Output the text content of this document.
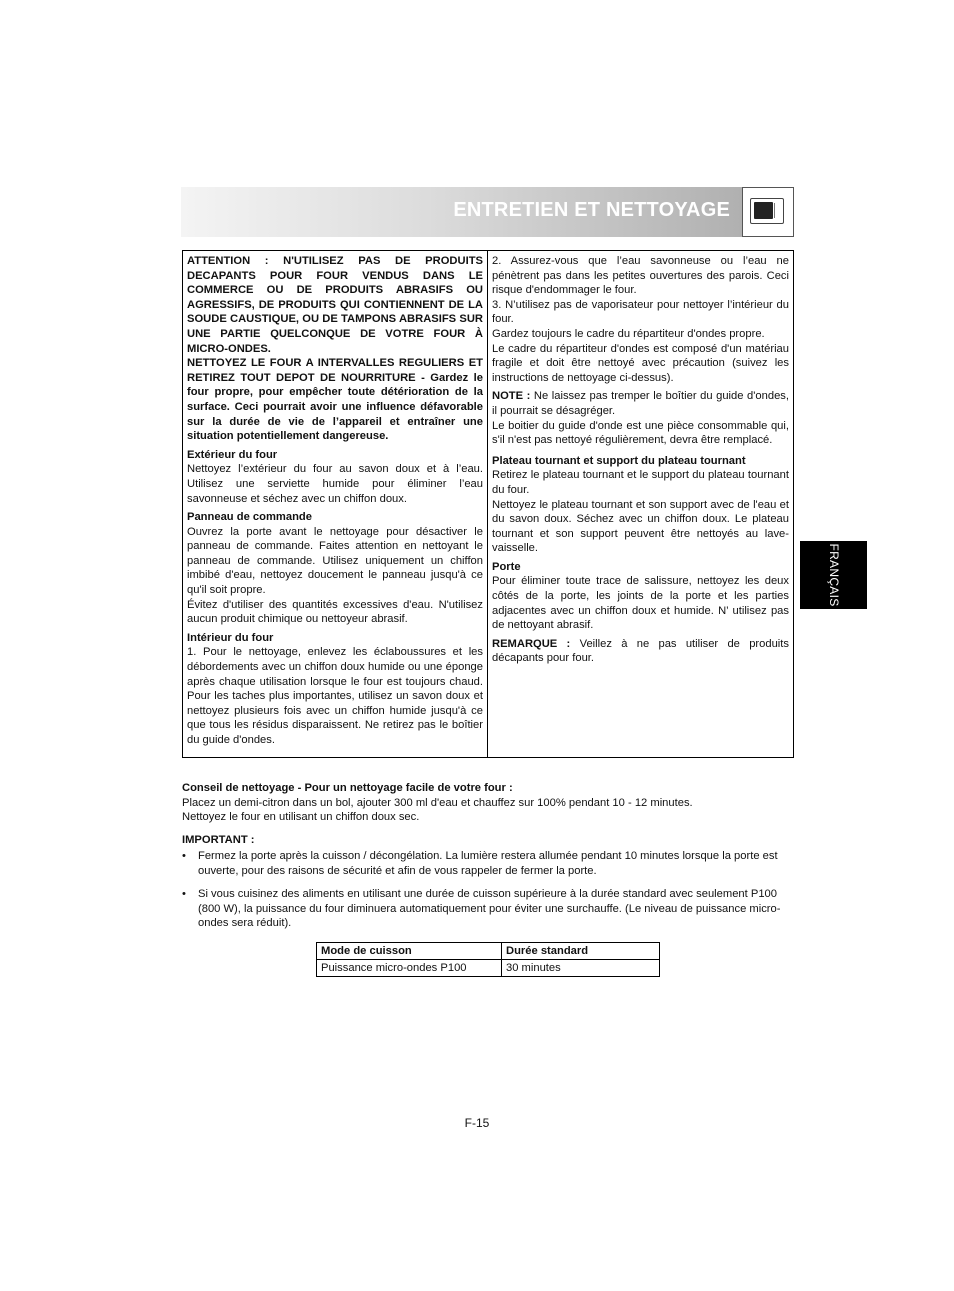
ENTRETIEN ET NETTOYAGE
FRANÇAIS

ATTENTION : N'UTILISEZ PAS DE PRODUITS DECAPANTS POUR FOUR VENDUS DANS LE COMMERCE OU DE PRODUITS ABRASIFS OU AGRESSIFS, DE PRODUITS QUI CONTIENNENT DE LA SOUDE CAUSTIQUE, OU DE TAMPONS ABRASIFS SUR UNE PARTIE QUELCONQUE DE VOTRE FOUR À MICRO-ONDES.

NETTOYEZ LE FOUR A INTERVALLES REGULIERS ET RETIREZ TOUT DEPOT DE NOURRITURE - Gardez le four propre, pour empêcher toute détérioration de la surface. Ceci pourrait avoir une influence défavorable sur la durée de vie de l’appareil et entraîner une situation potentiellement dangereuse.

Extérieur du four

Nettoyez l’extérieur du four au savon doux et à l’eau. Utilisez une serviette humide pour éliminer l’eau savonneuse et séchez avec un chiffon doux.

Panneau de commande

Ouvrez la porte avant le nettoyage pour désactiver le panneau de commande. Faites attention en nettoyant le panneau de commande. Utilisez uniquement un chiffon imbibé d'eau, nettoyez doucement le panneau jusqu'à ce qu'il soit propre.

Évitez d'utiliser des quantités excessives d'eau. N'utilisez aucun produit chimique ou nettoyeur abrasif.

Intérieur du four

1. Pour le nettoyage, enlevez les éclaboussures et les débordements avec un chiffon doux humide ou une éponge après chaque utilisation lorsque le four est toujours chaud. Pour les taches plus importantes, utilisez un savon doux et nettoyez plusieurs fois avec un chiffon humide jusqu'à ce que tous les résidus disparaissent. Ne retirez pas le boîtier du guide d'ondes.

2. Assurez-vous que l’eau savonneuse ou l’eau ne pénètrent pas dans les petites ouvertures des parois. Ceci risque d'endommager le four.

3. N’utilisez pas de vaporisateur pour nettoyer l’intérieur du four.

Gardez toujours le cadre du répartiteur d'ondes propre.

Le cadre du répartiteur d'ondes est composé d'un matériau fragile et doit être nettoyé avec précaution (suivez les instructions de nettoyage ci-dessus).

NOTE : Ne laissez pas tremper le boîtier du guide d'ondes, il pourrait se désagréger.

Le boitier du guide d'onde est une pièce consommable qui, s'il n'est pas nettoyé régulièrement, devra être remplacé.

Plateau tournant et support du plateau tournant

Retirez le plateau tournant et le support du plateau tournant du four.

Nettoyez le plateau tournant et son support avec de l'eau et du savon doux. Séchez avec un chiffon doux. Le plateau tournant et son support peuvent être nettoyés au lave-vaisselle.

Porte

Pour éliminer toute trace de salissure, nettoyez les deux côtés de la porte, les joints de la porte et les parties adjacentes avec un chiffon doux et humide. N’ utilisez pas de nettoyant abrasif.

REMARQUE : Veillez à ne pas utiliser de produits décapants pour four.

Conseil de nettoyage - Pour un nettoyage facile de votre four :
Placez un demi-citron dans un bol, ajouter 300 ml d'eau et chauffez sur 100% pendant 10 - 12 minutes.
Nettoyez le four en utilisant un chiffon doux sec.
IMPORTANT :
• Fermez la porte après la cuisson / décongélation. La lumière restera allumée pendant 10 minutes lorsque la porte est ouverte, pour des raisons de sécurité et afin de vous rappeler de fermer la porte.
• Si vous cuisinez des aliments en utilisant une durée de cuisson supérieure à la durée standard avec seulement P100 (800 W), la puissance du four diminuera automatiquement pour éviter une surchauffe. (Le niveau de puissance micro-ondes sera réduit).
Mode de cuisson	Durée standard
Puissance micro-ondes P100	30 minutes
F-15
